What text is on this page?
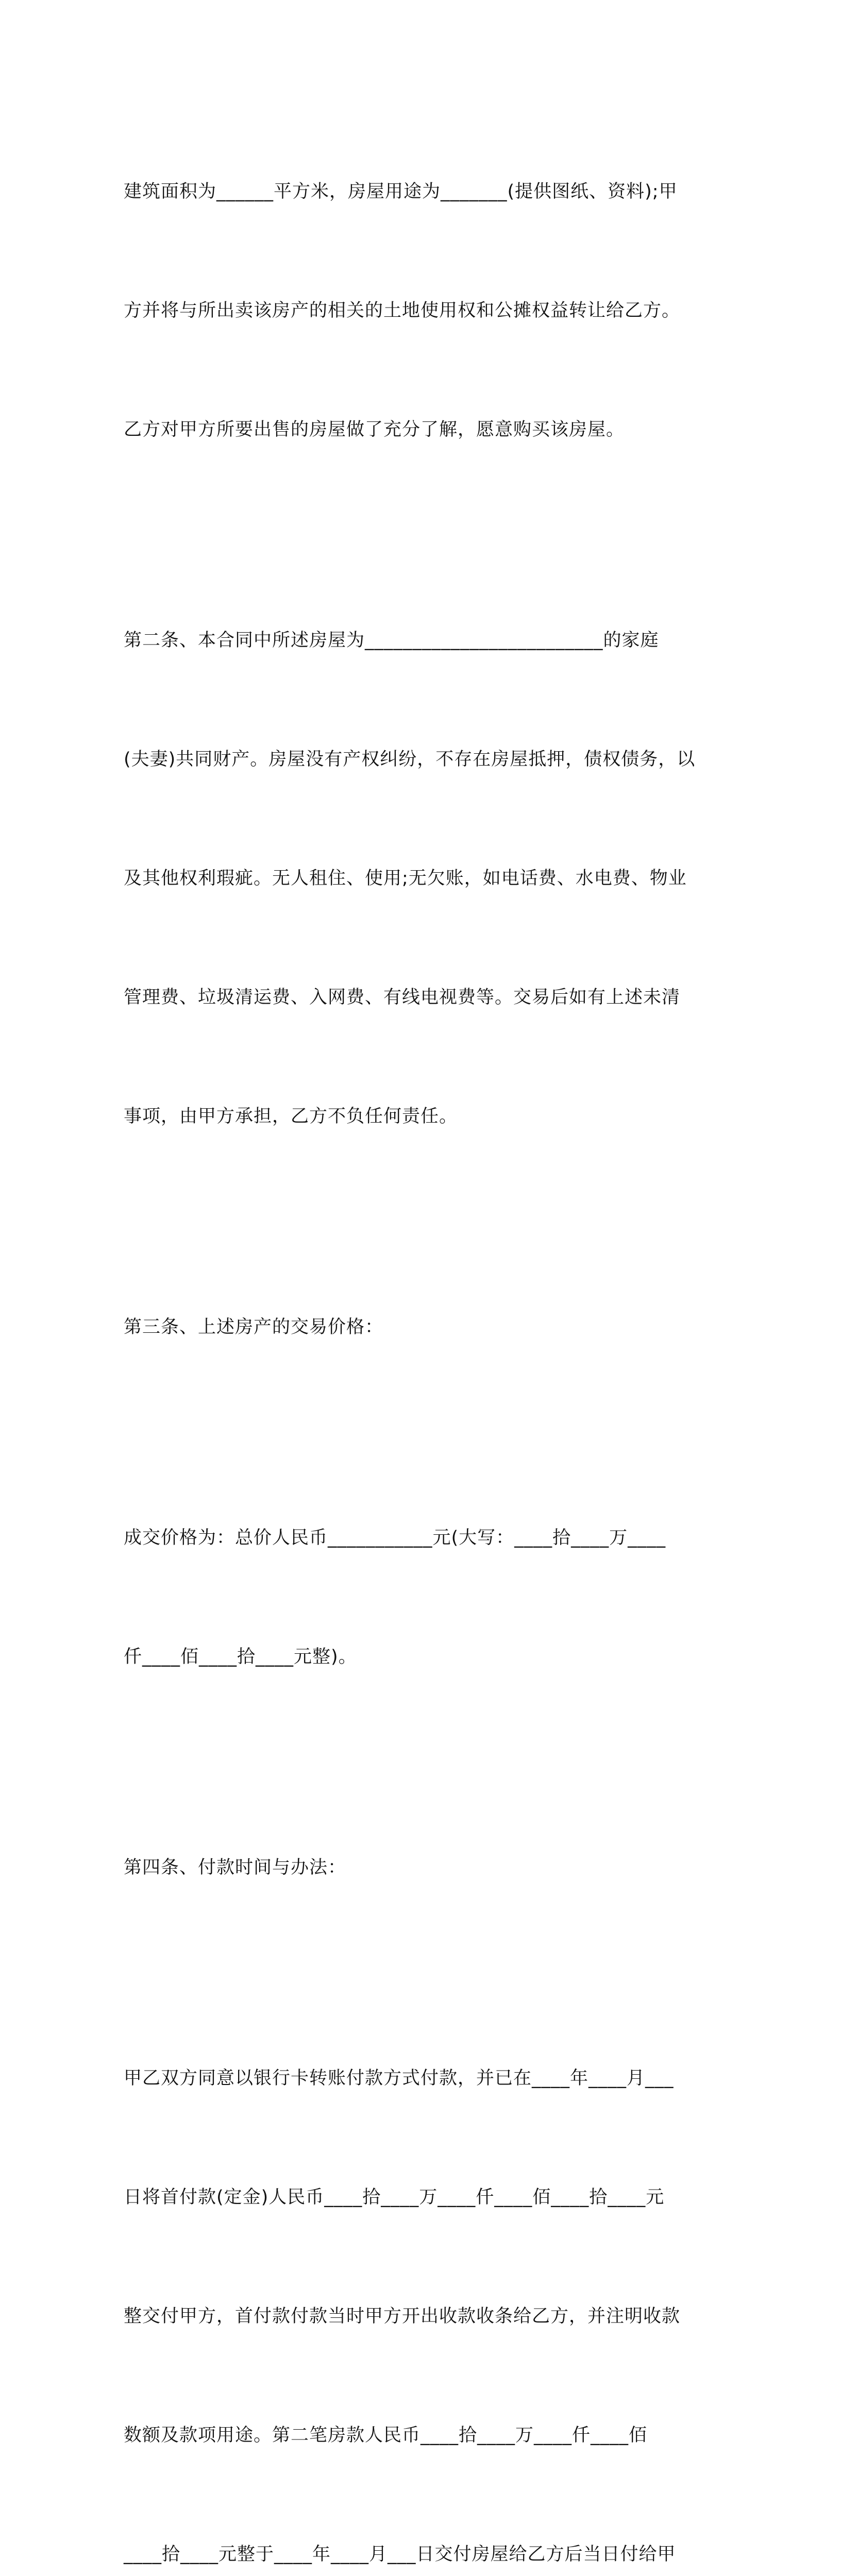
建筑面积为______平方米，房屋用途为_______(提供图纸、资料);甲

方并将与所出卖该房产的相关的土地使用权和公摊权益转让给乙方。

乙方对甲方所要出售的房屋做了充分了解，愿意购买该房屋。

第二条、本合同中所述房屋为_________________________的家庭

(夫妻)共同财产。房屋没有产权纠纷，不存在房屋抵押，债权债务，以

及其他权利瑕疵。无人租住、使用;无欠账，如电话费、水电费、物业

管理费、垃圾清运费、入网费、有线电视费等。交易后如有上述未清

事项，由甲方承担，乙方不负任何责任。

第三条、上述房产的交易价格：

成交价格为：总价人民币___________元(大写：____拾____万____

仟____佰____拾____元整)。

第四条、付款时间与办法：

甲乙双方同意以银行卡转账付款方式付款，并已在____年____月___

日将首付款(定金)人民币____拾____万____仟____佰____拾____元

整交付甲方，首付款付款当时甲方开出收款收条给乙方，并注明收款

数额及款项用途。第二笔房款人民币____拾____万____仟____佰

____拾____元整于____年____月___日交付房屋给乙方后当日付给甲
